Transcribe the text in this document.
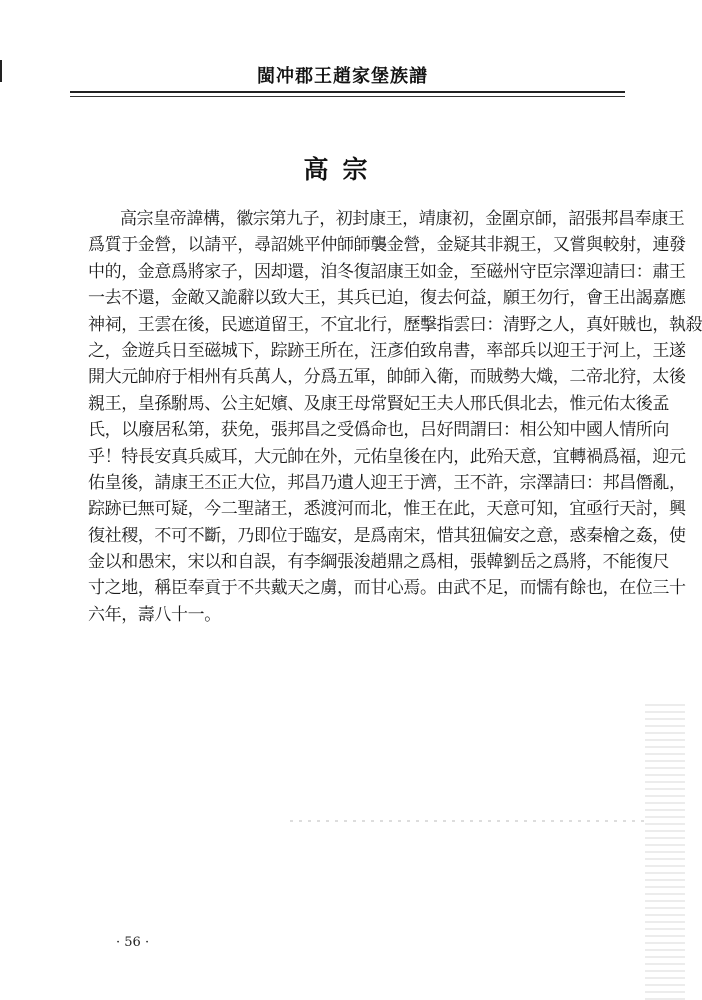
閩冲郡王趙家堡族譜
高宗
高宗皇帝諱構，徽宗第九子，初封康王，靖康初，金圍京師，詔張邦昌奉康王
爲質于金營，以請平，尋詔姚平仲師師襲金營，金疑其非親王，又嘗與較射，連發
中的，金意爲將家子，因却還，洎冬復詔康王如金，至磁州守臣宗澤迎請曰：肅王
一去不還，金敵又詭辭以致大王，其兵已迫，復去何益，願王勿行，會王出謁嘉應
神祠，王雲在後，民遮道留王，不宜北行，歷擊指雲曰：清野之人，真奸賊也，執殺
之，金遊兵日至磁城下，踪跡王所在，汪彥伯致帛書，率部兵以迎王于河上，王遂
開大元帥府于相州有兵萬人，分爲五軍，帥師入衛，而賊勢大熾，二帝北狩，太後
親王，皇孫駙馬、公主妃嬪、及康王母常賢妃王夫人邢氏俱北去，惟元佑太後孟
氏，以廢居私第，获免，張邦昌之受僞命也，吕好問謂曰：相公知中國人情所向
乎！特長安真兵威耳，大元帥在外，元佑皇後在内，此殆天意，宜轉禍爲福，迎元
佑皇後，請康王丕正大位，邦昌乃遺人迎王于濟，王不許，宗澤請曰：邦昌僭亂，
踪跡已無可疑，今二聖諸王，悉渡河而北，惟王在此，天意可知，宜亟行天討，興
復社稷，不可不斷，乃即位于臨安，是爲南宋，惜其狃偏安之意，惑秦檜之姦，使
金以和愚宋，宋以和自誤，有李綱張浚趙鼎之爲相，張韓劉岳之爲將，不能復尺
寸之地，稱臣奉貢于不共戴天之虜，而甘心焉。由武不足，而懦有餘也，在位三十
六年，壽八十一。
· 56 ·
